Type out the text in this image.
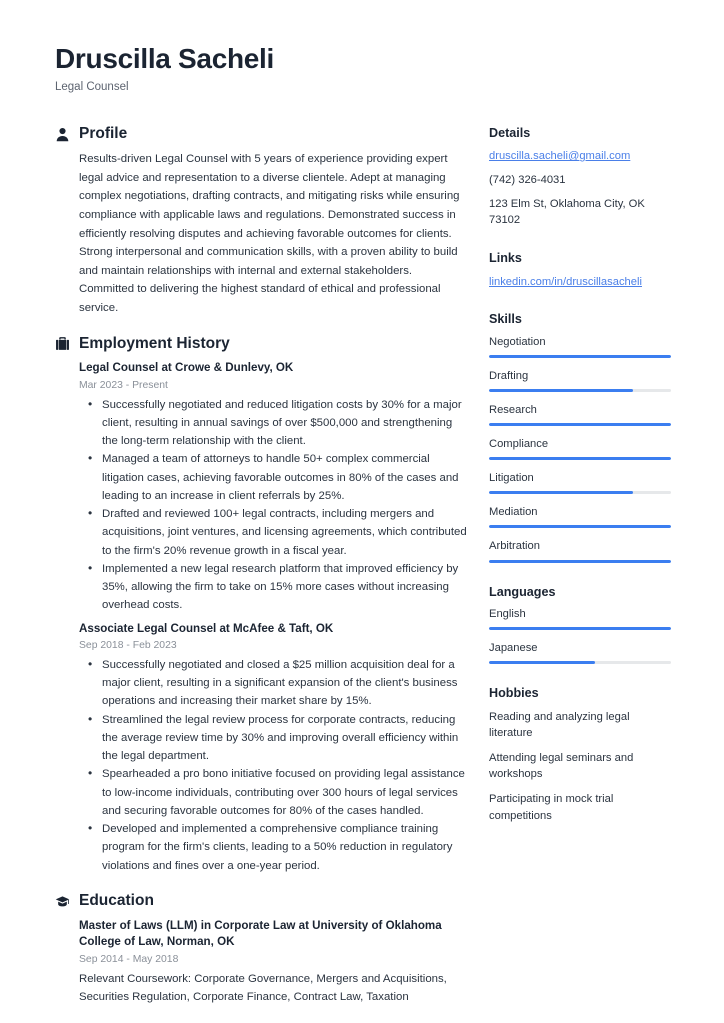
Druscilla Sacheli

Legal Counsel

Profile

Results-driven Legal Counsel with 5 years of experience providing expert legal advice and representation to a diverse clientele. Adept at managing complex negotiations, drafting contracts, and mitigating risks while ensuring compliance with applicable laws and regulations. Demonstrated success in efficiently resolving disputes and achieving favorable outcomes for clients. Strong interpersonal and communication skills, with a proven ability to build and maintain relationships with internal and external stakeholders. Committed to delivering the highest standard of ethical and professional service.

Employment History
Legal Counsel at Crowe & Dunlevy, OK
Mar 2023 - Present
• Successfully negotiated and reduced litigation costs by 30% for a major client, resulting in annual savings of over $500,000 and strengthening the long-term relationship with the client.
• Managed a team of attorneys to handle 50+ complex commercial litigation cases, achieving favorable outcomes in 80% of the cases and leading to an increase in client referrals by 25%.
• Drafted and reviewed 100+ legal contracts, including mergers and acquisitions, joint ventures, and licensing agreements, which contributed to the firm's 20% revenue growth in a fiscal year.
• Implemented a new legal research platform that improved efficiency by 35%, allowing the firm to take on 15% more cases without increasing overhead costs.
Associate Legal Counsel at McAfee & Taft, OK
Sep 2018 - Feb 2023
• Successfully negotiated and closed a $25 million acquisition deal for a major client, resulting in a significant expansion of the client's business operations and increasing their market share by 15%.
• Streamlined the legal review process for corporate contracts, reducing the average review time by 30% and improving overall efficiency within the legal department.
• Spearheaded a pro bono initiative focused on providing legal assistance to low-income individuals, contributing over 300 hours of legal services and securing favorable outcomes for 80% of the cases handled.
• Developed and implemented a comprehensive compliance training program for the firm's clients, leading to a 50% reduction in regulatory violations and fines over a one-year period.
Education
Master of Laws (LLM) in Corporate Law at University of Oklahoma College of Law, Norman, OK
Sep 2014 - May 2018
Relevant Coursework: Corporate Governance, Mergers and Acquisitions, Securities Regulation, Corporate Finance, Contract Law, Taxation
Details
druscilla.sacheli@gmail.com
(742) 326-4031
123 Elm St, Oklahoma City, OK 73102
Links
linkedin.com/in/druscillasacheli
Skills
Negotiation
Drafting
Research
Compliance
Litigation
Mediation
Arbitration
Languages
English
Japanese
Hobbies
Reading and analyzing legal literature
Attending legal seminars and workshops
Participating in mock trial competitions
